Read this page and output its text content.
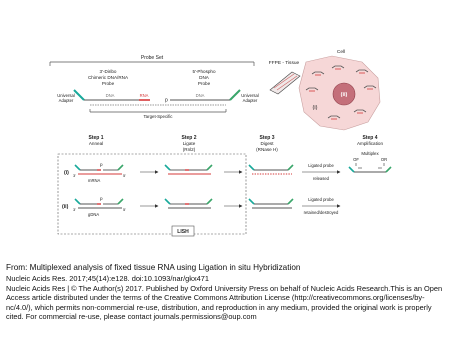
Probe Set
3'-Diribo
Chimeric DNA/RNA
Probe
5'-Phospho
DNA
Probe
DNA	RNA
p
DNA
Universal
Adapter
Universal
Adapter
Target-Specific
FFPE - Tissue
Cell
(ii)
(i)
Step 1
Anneal
Step 2
Ligate
(Rnl2)
Step 3
Digest
(RNase H)
Step 4
Amplification
(i)
(ii)
p
3'	5'
mRNA
p
3'	5'
gDNA
LISH
Ligated probe
released
Ligated probe
retained/destroyed
Multiplex
OF	OR
From: Multiplexed analysis of fixed tissue RNA using Ligation in situ Hybridization
Nucleic Acids Res. 2017;45(14):e128. doi:10.1093/nar/gkx471
Nucleic Acids Res | © The Author(s) 2017. Published by Oxford University Press on behalf of Nucleic Acids Research.This is an Open Access article distributed under the terms of the Creative Commons Attribution License (http://creativecommons.org/licenses/by-nc/4.0/), which permits non-commercial re-use, distribution, and reproduction in any medium, provided the original work is properly cited. For commercial re-use, please contact journals.permissions@oup.com
